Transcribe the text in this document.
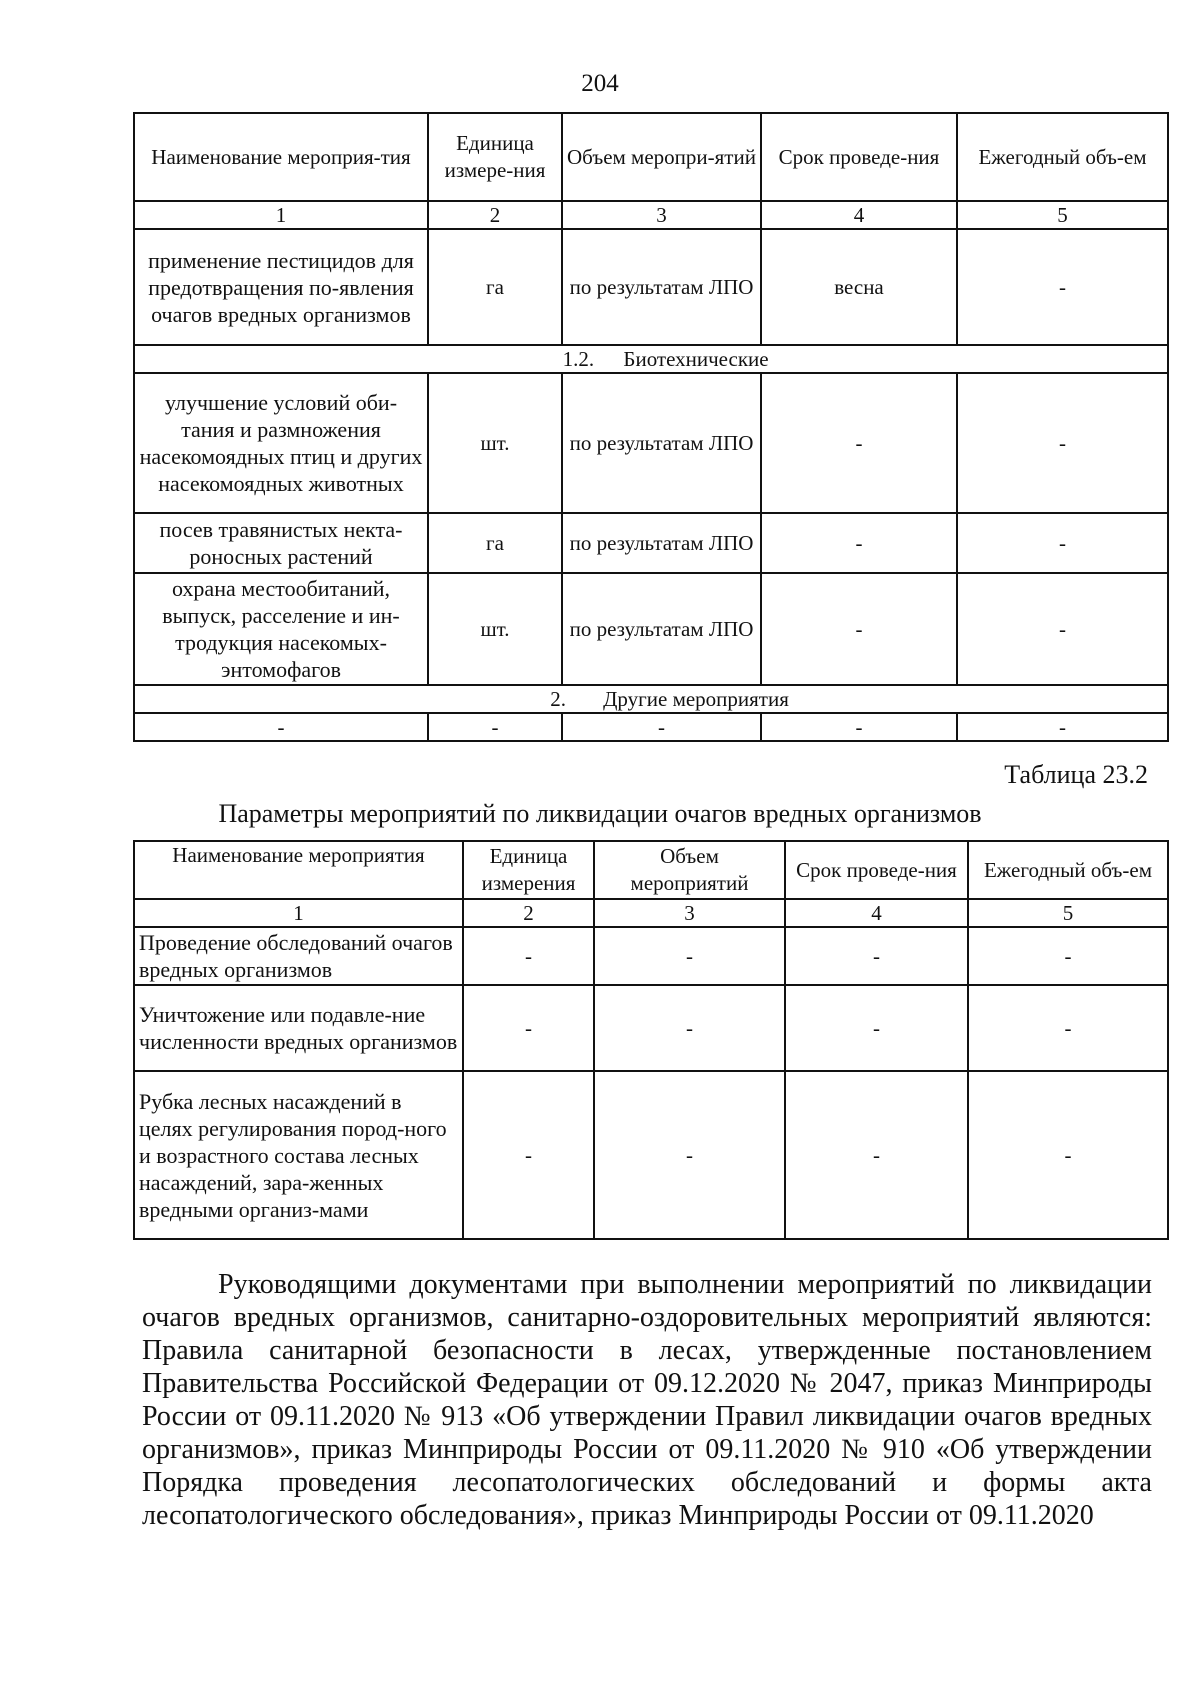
204
Наименование мероприя-тия	Единица измере-ния	Объем меропри-ятий	Срок проведе-ния	Ежегодный объ-ем
1	2	3	4	5
применение пестицидов для предотвращения по-явления очагов вредных организмов	га	по результатам ЛПО	весна	-
1.2. Биотехнические				
улучшение условий оби-тания и размножения насекомоядных птиц и других насекомоядных животных	шт.	по результатам ЛПО	-	-
посев травянистых некта-роносных растений	га	по результатам ЛПО	-	-
охрана местообитаний, выпуск, расселение и ин-тродукция насекомых-энтомофагов	шт.	по результатам ЛПО	-	-
2. Другие мероприятия				
-	-	-	-	-
Таблица 23.2
Параметры мероприятий по ликвидации очагов вредных организмов
Наименование мероприятия	Единица измерения	Объем мероприятий	Срок проведе-ния	Ежегодный объ-ем
1	2	3	4	5
Проведение обследований очагов вредных организмов	-	-	-	-
Уничтожение или подавле-ние численности вредных организмов	-	-	-	-
Рубка лесных насаждений в целях регулирования пород-ного и возрастного состава лесных насаждений, зара-женных вредными организ-мами	-	-	-	-

Руководящими документами при выполнении мероприятий по ликвидации очагов вредных организмов, санитарно-оздоровительных мероприятий являются: Правила санитарной безопасности в лесах, утвержденные постановлением Правительства Российской Федерации от 09.12.2020 № 2047, приказ Минприроды России от 09.11.2020 № 913 «Об утверждении Правил ликвидации очагов вредных организмов», приказ Минприроды России от 09.11.2020 № 910 «Об утверждении Порядка проведения лесопатологических обследований и формы акта лесопатологического обследования», приказ Минприроды России от 09.11.2020
